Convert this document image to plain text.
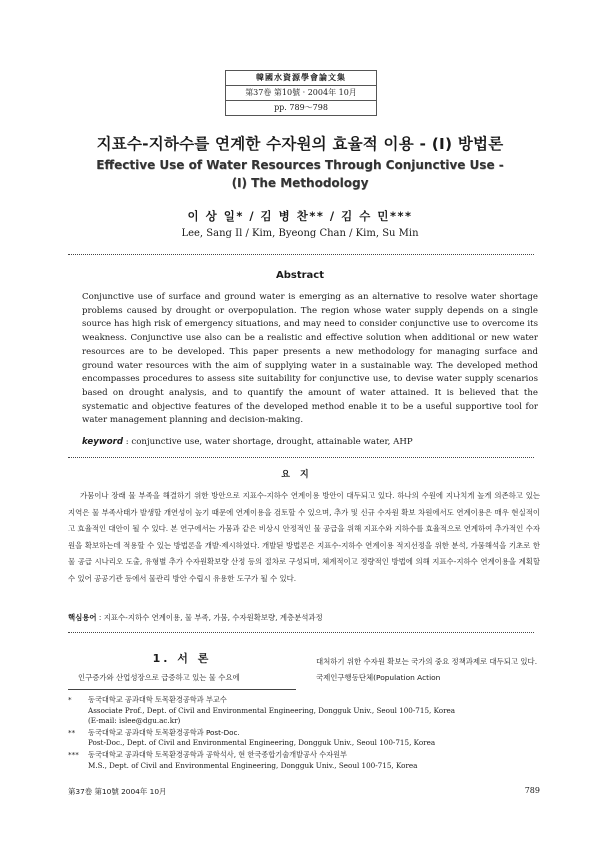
韓國水資源學會論文集
第37卷 第10號 · 2004年 10月
pp. 789～798
지표수-지하수를 연계한 수자원의 효율적 이용 - (Ⅰ) 방법론
Effective Use of Water Resources Through Conjunctive Use -
(I) The Methodology
이 상 일* / 김 병 찬** / 김 수 민***
Lee, Sang Il / Kim, Byeong Chan / Kim, Su Min
Abstract
Conjunctive use of surface and ground water is emerging as an alternative to resolve water shortage problems caused by drought or overpopulation. The region whose water supply depends on a single source has high risk of emergency situations, and may need to consider conjunctive use to overcome its weakness. Conjunctive use also can be a realistic and effective solution when additional or new water resources are to be developed. This paper presents a new methodology for managing surface and ground water resources with the aim of supplying water in a sustainable way. The developed method encompasses procedures to assess site suitability for conjunctive use, to devise water supply scenarios based on drought analysis, and to quantify the amount of water attained. It is believed that the systematic and objective features of the developed method enable it to be a useful supportive tool for water management planning and decision-making.
keyword : conjunctive use, water shortage, drought, attainable water, AHP
요지
가뭄이나 장래 물 부족을 해결하기 위한 방안으로 지표수-지하수 연계이용 방안이 대두되고 있다. 하나의 수원에 지나치게 높게 의존하고 있는 지역은 물 부족사태가 발생할 개연성이 높기 때문에 연계이용을 검토할 수 있으며, 추가 및 신규 수자원 확보 차원에서도 연계이용은 매우 현실적이고 효율적인 대안이 될 수 있다. 본 연구에서는 가뭄과 같은 비상시 안정적인 물 공급을 위해 지표수와 지하수를 효율적으로 연계하여 추가적인 수자원을 확보하는데 적용할 수 있는 방법론을 개발·제시하였다. 개발된 방법론은 지표수-지하수 연계이용 적지선정을 위한 분석, 가뭄해석을 기초로 한 물 공급 시나리오 도출, 유형별 추가 수자원확보량 산정 등의 절차로 구성되며, 체계적이고 정량적인 방법에 의해 지표수-지하수 연계이용을 계획할 수 있어 공공기관 등에서 물관리 방안 수립시 유용한 도구가 될 수 있다.
핵심용어 : 지표수-지하수 연계이용, 물 부족, 가뭄, 수자원확보량, 계층분석과정
1. 서 론
인구증가와 산업성장으로 급증하고 있는 물 수요에
대처하기 위한 수자원 확보는 국가의 중요 정책과제로 대두되고 있다. 국제인구행동단체(Population Action
*	동국대학교 공과대학 토목환경공학과 부교수
Associate Prof., Dept. of Civil and Environmental Engineering, Dongguk Univ., Seoul 100-715, Korea
(E-mail: islee@dgu.ac.kr)
**	동국대학교 공과대학 토목환경공학과 Post-Doc.
Post-Doc., Dept. of Civil and Environmental Engineering, Dongguk Univ., Seoul 100-715, Korea
***	동국대학교 공과대학 토목환경공학과 공학석사, 현 한국종합기술개발공사 수자원부
M.S., Dept. of Civil and Environmental Engineering, Dongguk Univ., Seoul 100-715, Korea
第37卷 第10號 2004年 10月	789
